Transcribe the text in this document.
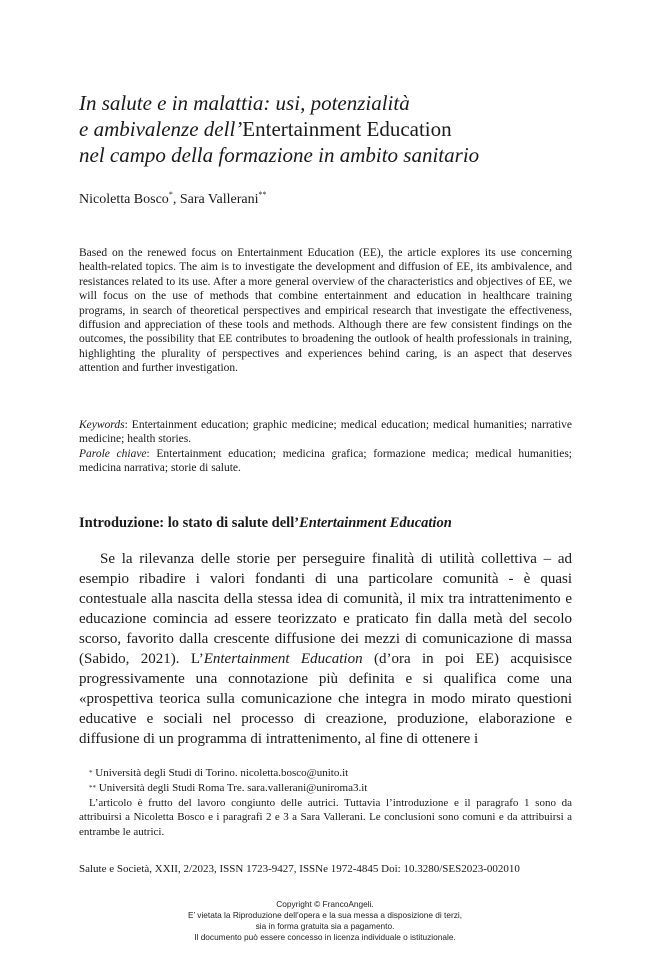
In salute e in malattia: usi, potenzialità
e ambivalenze dell’Entertainment Education
nel campo della formazione in ambito sanitario
Nicoletta Bosco*, Sara Vallerani**

Based on the renewed focus on Entertainment Education (EE), the article explores its use concerning health-related topics. The aim is to investigate the development and diffusion of EE, its ambivalence, and resistances related to its use. After a more general overview of the characteristics and objectives of EE, we will focus on the use of methods that combine entertainment and education in healthcare training programs, in search of theoretical perspectives and empirical research that investigate the effectiveness, diffusion and appreciation of these tools and methods. Although there are few consistent findings on the outcomes, the possibility that EE contributes to broadening the outlook of health professionals in training, highlighting the plurality of perspectives and experiences behind caring, is an aspect that deserves attention and further investigation.

Keywords: Entertainment education; graphic medicine; medical education; medical humanities; narrative medicine; health stories.

Parole chiave: Entertainment education; medicina grafica; formazione medica; medical humanities; medicina narrativa; storie di salute.

Introduzione: lo stato di salute dell’Entertainment Education

Se la rilevanza delle storie per perseguire finalità di utilità collettiva – ad esempio ribadire i valori fondanti di una particolare comunità - è quasi contestuale alla nascita della stessa idea di comunità, il mix tra intrattenimento e educazione comincia ad essere teorizzato e praticato fin dalla metà del secolo scorso, favorito dalla crescente diffusione dei mezzi di comunicazione di massa (Sabido, 2021). L’Entertainment Education (d’ora in poi EE) acquisisce progressivamente una connotazione più definita e si qualifica come una «prospettiva teorica sulla comunicazione che integra in modo mirato questioni educative e sociali nel processo di creazione, produzione, elaborazione e diffusione di un programma di intrattenimento, al fine di ottenere i

* Università degli Studi di Torino. nicoletta.bosco@unito.it
** Università degli Studi Roma Tre. sara.vallerani@uniroma3.it
L’articolo è frutto del lavoro congiunto delle autrici. Tuttavia l’introduzione e il paragrafo 1 sono da attribuirsi a Nicoletta Bosco e i paragrafi 2 e 3 a Sara Vallerani. Le conclusioni sono comuni e da attribuirsi a entrambe le autrici.
Salute e Società, XXII, 2/2023, ISSN 1723-9427, ISSNe 1972-4845 Doi: 10.3280/SES2023-002010
Copyright © FrancoAngeli.
E’ vietata la Riproduzione dell’opera e la sua messa a disposizione di terzi,
sia in forma gratuita sia a pagamento.
Il documento può essere concesso in licenza individuale o istituzionale.
